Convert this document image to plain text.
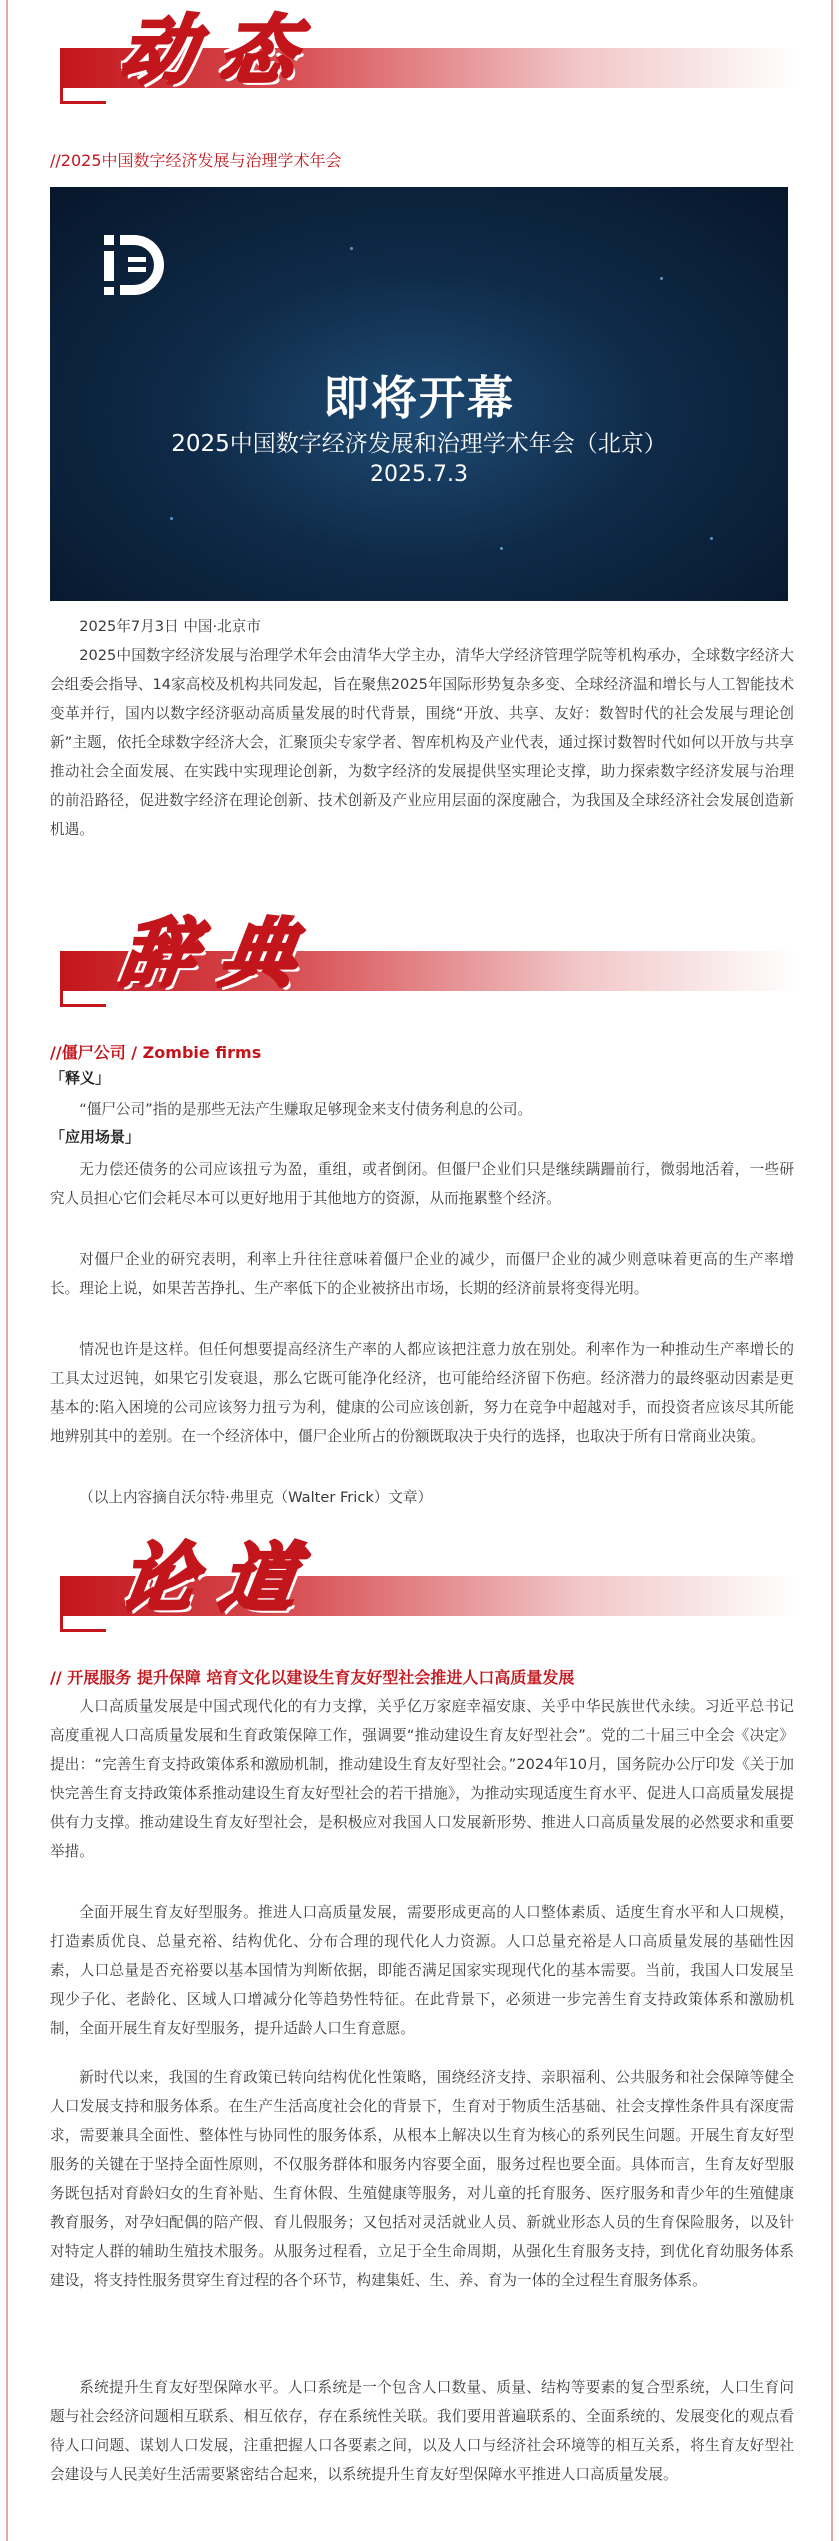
动态
//2025中国数字经济发展与治理学术年会
即将开幕
2025中国数字经济发展和治理学术年会（北京）
2025.7.3

2025年7月3日 中国·北京市

2025中国数字经济发展与治理学术年会由清华大学主办，清华大学经济管理学院等机构承办，全球数字经济大会组委会指导、14家高校及机构共同发起，旨在聚焦2025年国际形势复杂多变、全球经济温和增长与人工智能技术变革并行，国内以数字经济驱动高质量发展的时代背景，围绕“开放、共享、友好：数智时代的社会发展与理论创新”主题，依托全球数字经济大会，汇聚顶尖专家学者、智库机构及产业代表，通过探讨数智时代如何以开放与共享推动社会全面发展、在实践中实现理论创新，为数字经济的发展提供坚实理论支撑，助力探索数字经济发展与治理的前沿路径，促进数字经济在理论创新、技术创新及产业应用层面的深度融合，为我国及全球经济社会发展创造新机遇。

辞典
//僵尸公司 / Zombie firms
「释义」

“僵尸公司”指的是那些无法产生赚取足够现金来支付债务利息的公司。

「应用场景」

无力偿还债务的公司应该扭亏为盈，重组，或者倒闭。但僵尸企业们只是继续蹒跚前行，微弱地活着，一些研究人员担心它们会耗尽本可以更好地用于其他地方的资源，从而拖累整个经济。

对僵尸企业的研究表明，利率上升往往意味着僵尸企业的减少，而僵尸企业的减少则意味着更高的生产率增长。理论上说，如果苦苦挣扎、生产率低下的企业被挤出市场，长期的经济前景将变得光明。

情况也许是这样。但任何想要提高经济生产率的人都应该把注意力放在别处。利率作为一种推动生产率增长的工具太过迟钝，如果它引发衰退，那么它既可能净化经济，也可能给经济留下伤疤。经济潜力的最终驱动因素是更基本的:陷入困境的公司应该努力扭亏为利，健康的公司应该创新，努力在竞争中超越对手，而投资者应该尽其所能地辨别其中的差别。在一个经济体中，僵尸企业所占的份额既取决于央行的选择，也取决于所有日常商业决策。

（以上内容摘自沃尔特·弗里克（Walter Frick）文章）

论道
// 开展服务 提升保障 培育文化以建设生育友好型社会推进人口高质量发展

人口高质量发展是中国式现代化的有力支撑，关乎亿万家庭幸福安康、关乎中华民族世代永续。习近平总书记高度重视人口高质量发展和生育政策保障工作，强调要“推动建设生育友好型社会”。党的二十届三中全会《决定》提出：“完善生育支持政策体系和激励机制，推动建设生育友好型社会。”2024年10月，国务院办公厅印发《关于加快完善生育支持政策体系推动建设生育友好型社会的若干措施》，为推动实现适度生育水平、促进人口高质量发展提供有力支撑。推动建设生育友好型社会，是积极应对我国人口发展新形势、推进人口高质量发展的必然要求和重要举措。

全面开展生育友好型服务。推进人口高质量发展，需要形成更高的人口整体素质、适度生育水平和人口规模，打造素质优良、总量充裕、结构优化、分布合理的现代化人力资源。人口总量充裕是人口高质量发展的基础性因素，人口总量是否充裕要以基本国情为判断依据，即能否满足国家实现现代化的基本需要。当前，我国人口发展呈现少子化、老龄化、区域人口增减分化等趋势性特征。在此背景下，必须进一步完善生育支持政策体系和激励机制，全面开展生育友好型服务，提升适龄人口生育意愿。

新时代以来，我国的生育政策已转向结构优化性策略，围绕经济支持、亲职福利、公共服务和社会保障等健全人口发展支持和服务体系。在生产生活高度社会化的背景下，生育对于物质生活基础、社会支撑性条件具有深度需求，需要兼具全面性、整体性与协同性的服务体系，从根本上解决以生育为核心的系列民生问题。开展生育友好型服务的关键在于坚持全面性原则，不仅服务群体和服务内容要全面，服务过程也要全面。具体而言，生育友好型服务既包括对育龄妇女的生育补贴、生育休假、生殖健康等服务，对儿童的托育服务、医疗服务和青少年的生殖健康教育服务，对孕妇配偶的陪产假、育儿假服务；又包括对灵活就业人员、新就业形态人员的生育保险服务，以及针对特定人群的辅助生殖技术服务。从服务过程看，立足于全生命周期，从强化生育服务支持，到优化育幼服务体系建设，将支持性服务贯穿生育过程的各个环节，构建集妊、生、养、育为一体的全过程生育服务体系。

系统提升生育友好型保障水平。人口系统是一个包含人口数量、质量、结构等要素的复合型系统，人口生育问题与社会经济问题相互联系、相互依存，存在系统性关联。我们要用普遍联系的、全面系统的、发展变化的观点看待人口问题、谋划人口发展，注重把握人口各要素之间，以及人口与经济社会环境等的相互关系，将生育友好型社会建设与人民美好生活需要紧密结合起来，以系统提升生育友好型保障水平推进人口高质量发展。
